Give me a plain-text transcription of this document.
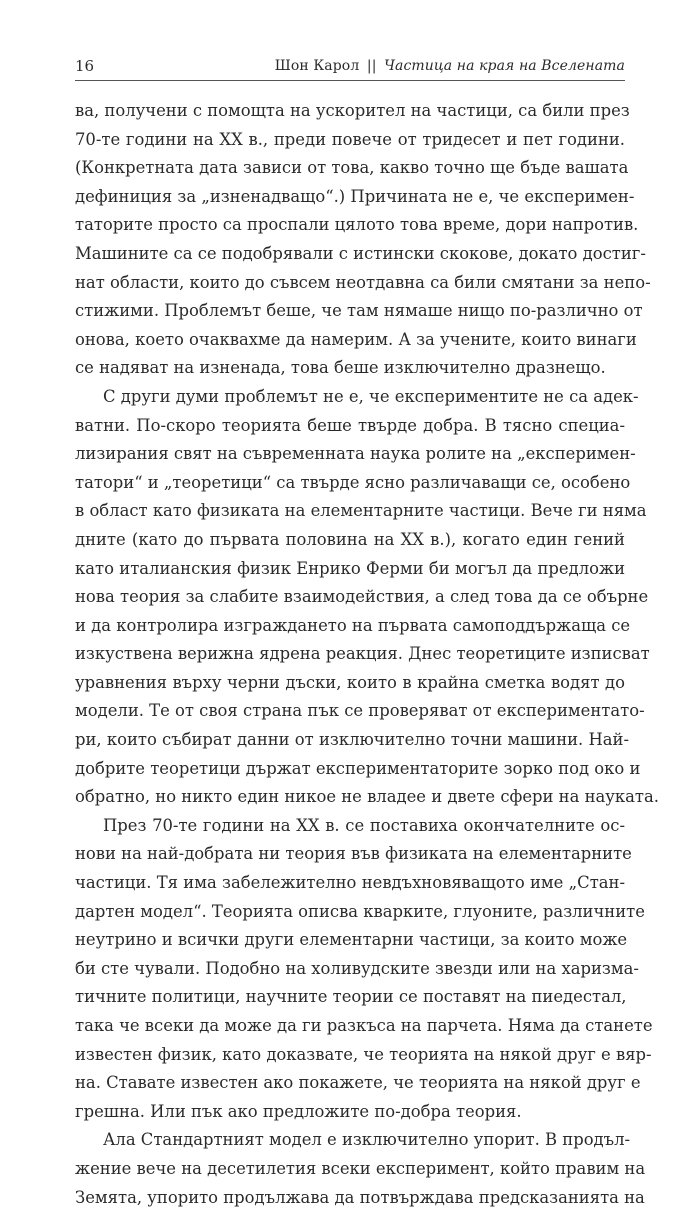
16	Шон Карол || Частица на края на Вселената
ва, получени с помощта на ускорител на частици, са били през
70-те години на XX в., преди повече от тридесет и пет години.
(Конкретната дата зависи от това, какво точно ще бъде вашата
дефиниция за „изненадващо“.) Причината не е, че експеримен-
таторите просто са проспали цялото това време, дори напротив.
Машините са се подобрявали с истински скокове, докато достиг-
нат области, които до съвсем неотдавна са били смятани за непо-
стижими. Проблемът беше, че там нямаше нищо по-различно от
онова, което очаквахме да намерим. А за учените, които винаги
се надяват на изненада, това беше изключително дразнещо.
С други думи проблемът не е, че експериментите не са адек-
ватни. По-скоро теорията беше твърде добра. В тясно специа-
лизирания свят на съвременната наука ролите на „експеримен-
татори“ и „теоретици“ са твърде ясно различаващи се, особено
в област като физиката на елементарните частици. Вече ги няма
дните (като до първата половина на XX в.), когато един гений
като италианския физик Енрико Ферми би могъл да предложи
нова теория за слабите взаимодействия, а след това да се обърне
и да контролира изграждането на първата самоподдържаща се
изкуствена верижна ядрена реакция. Днес теоретиците изписват
уравнения върху черни дъски, които в крайна сметка водят до
модели. Те от своя страна пък се проверяват от експериментато-
ри, които събират данни от изключително точни машини. Най-
добрите теоретици държат експериментаторите зорко под око и
обратно, но никто един никое не владее и двете сфери на науката.
През 70-те години на XX в. се поставиха окончателните ос-
нови на най-добрата ни теория във физиката на елементарните
частици. Тя има забележително невдъхновяващото име „Стан-
дартен модел“. Теорията описва кварките, глуоните, различните
неутрино и всички други елементарни частици, за които може
би сте чували. Подобно на холивудските звезди или на харизма-
тичните политици, научните теории се поставят на пиедестал,
така че всеки да може да ги разкъса на парчета. Няма да станете
известен физик, като доказвате, че теорията на някой друг е вяр-
на. Ставате известен ако покажете, че теорията на някой друг е
грешна. Или пък ако предложите по-добра теория.
Ала Стандартният модел е изключително упорит. В продъл-
жение вече на десетилетия всеки експеримент, който правим на
Земята, упорито продължава да потвърждава предсказанията на
